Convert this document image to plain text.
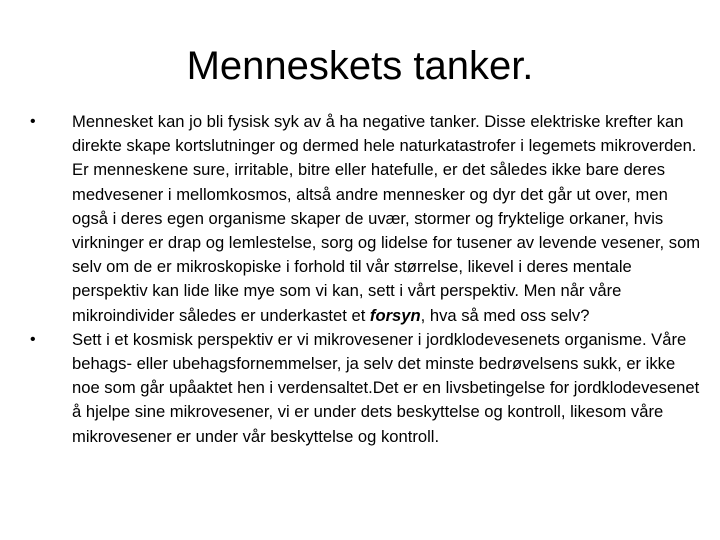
Menneskets tanker.
•	Mennesket kan jo bli fysisk syk av å ha negative tanker. Disse elektriske krefter kan direkte skape kortslutninger og dermed hele naturkatastrofer i legemets mikroverden. Er menneskene sure, irritable, bitre eller hatefulle, er det således ikke bare deres medvesener i mellomkosmos, altså andre mennesker og dyr det går ut over, men også i deres egen organisme skaper de uvær, stormer og fryktelige orkaner, hvis virkninger er drap og lemlestelse, sorg og lidelse for tusener av levende vesener, som selv om de er mikroskopiske i forhold til vår størrelse, likevel i deres mentale perspektiv kan lide like mye som vi kan, sett i vårt perspektiv. Men når våre mikroindivider således er underkastet et forsyn, hva så med oss selv?
•	Sett i et kosmisk perspektiv er vi mikrovesener i jordklodevesenets organisme. Våre behags- eller ubehagsfornemmelser, ja selv det minste bedrøvelsens sukk, er ikke noe som går upåaktet hen i verdensaltet.Det er en livsbetingelse for jordklodevesenet å hjelpe sine mikrovesener, vi er under dets beskyttelse og kontroll, likesom våre mikrovesener er under vår beskyttelse og kontroll.
